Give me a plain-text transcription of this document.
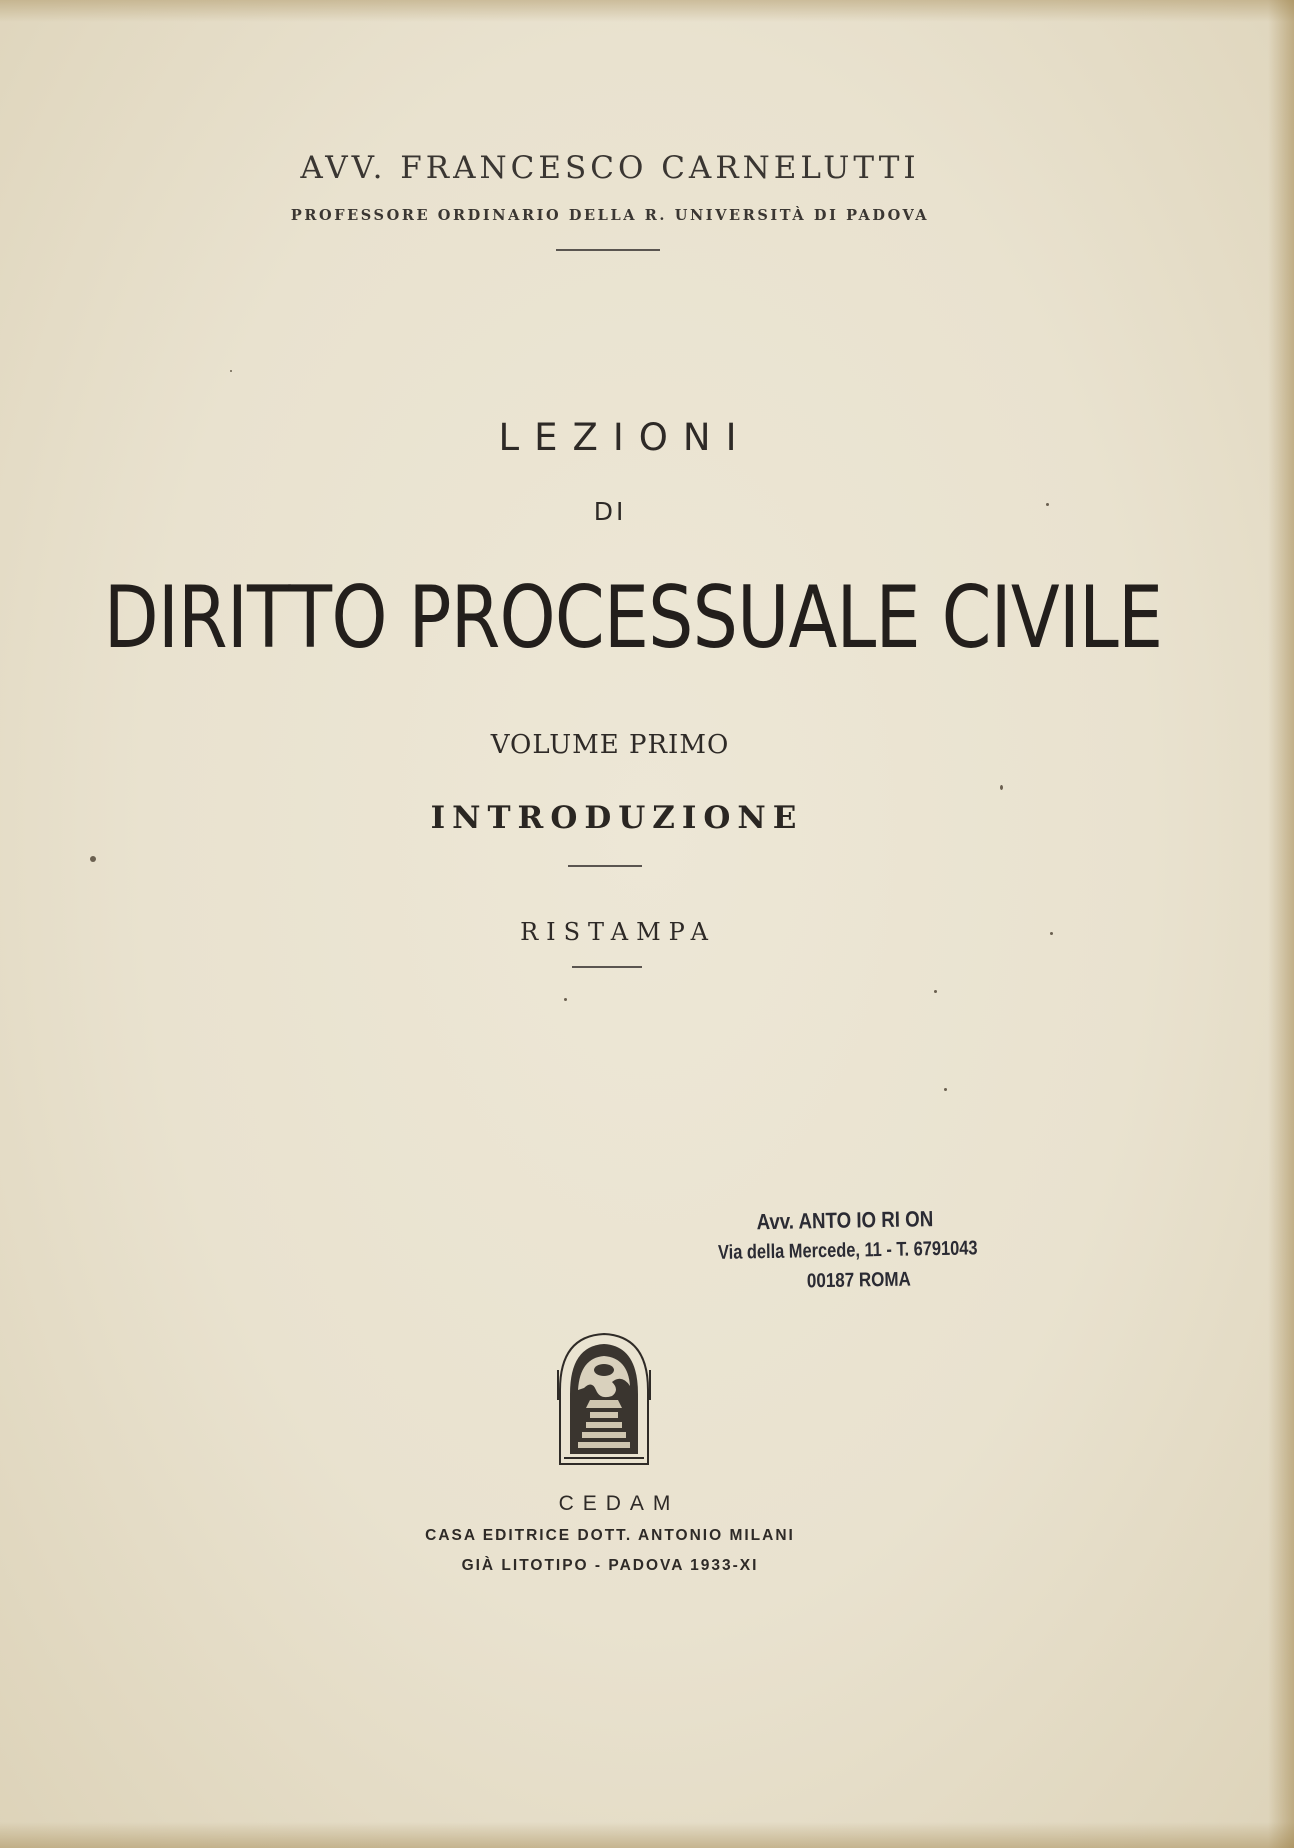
AVV. FRANCESCO CARNELUTTI
PROFESSORE ORDINARIO DELLA R. UNIVERSITÀ DI PADOVA
LEZIONI
DI
DIRITTO PROCESSUALE CIVILE
VOLUME PRIMO
INTRODUZIONE
RISTAMPA
Avv. ANTO IO RI ON
Via della Mercede, 11 - T. 6791043
00187 ROMA
CEDAM
CASA EDITRICE DOTT. ANTONIO MILANI
GIÀ LITOTIPO - PADOVA 1933-XI
